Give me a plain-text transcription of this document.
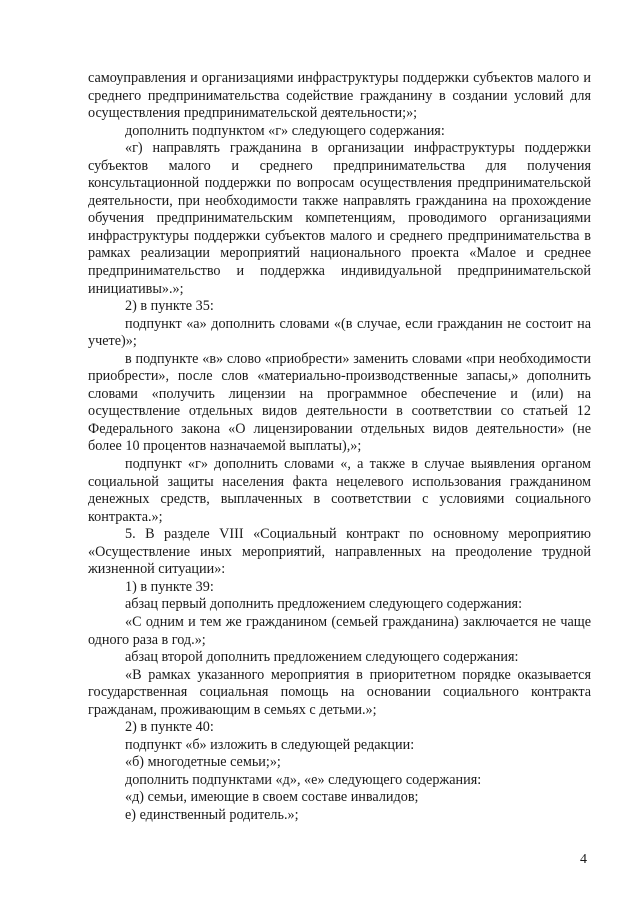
самоуправления и организациями инфраструктуры поддержки субъектов малого и среднего предпринимательства содействие гражданину в создании условий для осуществления предпринимательской деятельности;»;

дополнить подпунктом «г» следующего содержания:

«г) направлять гражданина в организации инфраструктуры поддержки субъектов малого и среднего предпринимательства для получения консультационной поддержки по вопросам осуществления предпринимательской деятельности, при необходимости также направлять гражданина на прохождение обучения предпринимательским компетенциям, проводимого организациями инфраструктуры поддержки субъектов малого и среднего предпринимательства в рамках реализации мероприятий национального проекта «Малое и среднее предпринимательство и поддержка индивидуальной предпринимательской инициативы».»;

2) в пункте 35:

подпункт «а» дополнить словами «(в случае, если гражданин не состоит на учете)»;

в подпункте «в» слово «приобрести» заменить словами «при необходимости приобрести», после слов «материально-производственные запасы,» дополнить словами «получить лицензии на программное обеспечение и (или) на осуществление отдельных видов деятельности в соответствии со статьей 12 Федерального закона «О лицензировании отдельных видов деятельности» (не более 10 процентов назначаемой выплаты),»;

подпункт «г» дополнить словами «, а также в случае выявления органом социальной защиты населения факта нецелевого использования гражданином денежных средств, выплаченных в соответствии с условиями социального контракта.»;

5. В разделе VIII «Социальный контракт по основному мероприятию «Осуществление иных мероприятий, направленных на преодоление трудной жизненной ситуации»:

1) в пункте 39:

абзац первый дополнить предложением следующего содержания:

«С одним и тем же гражданином (семьей гражданина) заключается не чаще одного раза в год.»;

абзац второй дополнить предложением следующего содержания:

«В рамках указанного мероприятия в приоритетном порядке оказывается государственная социальная помощь на основании социального контракта гражданам, проживающим в семьях с детьми.»;

2) в пункте 40:

подпункт «б» изложить в следующей редакции:

«б) многодетные семьи;»;

дополнить подпунктами «д», «е» следующего содержания:

«д) семьи, имеющие в своем составе инвалидов;

е) единственный родитель.»;

4
